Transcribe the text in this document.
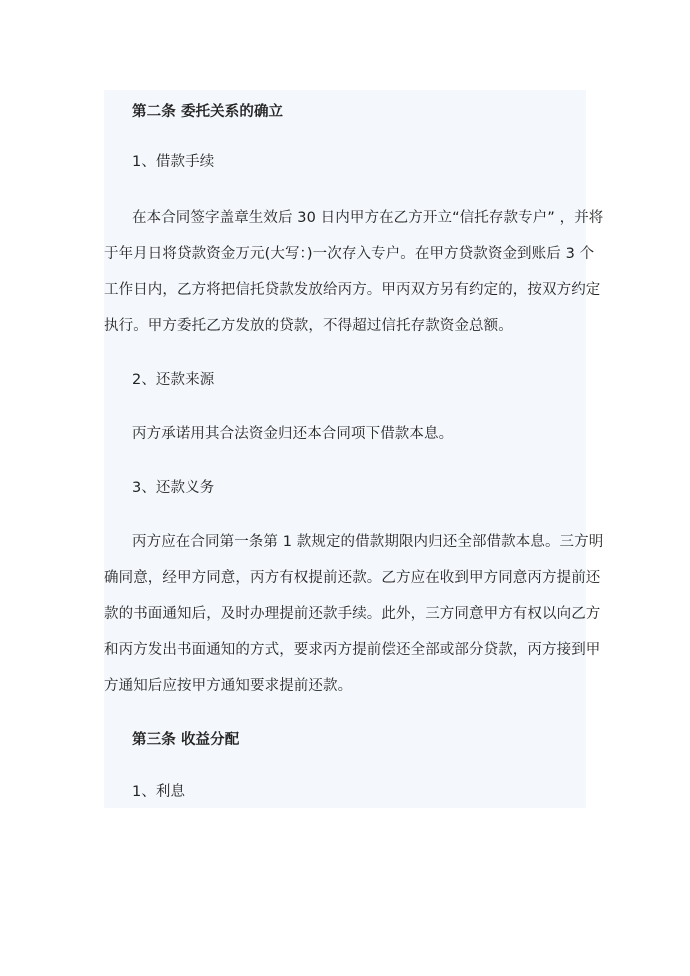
第二条 委托关系的确立
1、借款手续
在本合同签字盖章生效后 30 日内甲方在乙方开立“信托存款专户” ，并将
于年月日将贷款资金万元(大写：)一次存入专户。在甲方贷款资金到账后 3 个
工作日内，乙方将把信托贷款发放给丙方。甲丙双方另有约定的，按双方约定
执行。甲方委托乙方发放的贷款，不得超过信托存款资金总额。
2、还款来源
丙方承诺用其合法资金归还本合同项下借款本息。
3、还款义务
丙方应在合同第一条第 1 款规定的借款期限内归还全部借款本息。三方明
确同意，经甲方同意，丙方有权提前还款。乙方应在收到甲方同意丙方提前还
款的书面通知后，及时办理提前还款手续。此外，三方同意甲方有权以向乙方
和丙方发出书面通知的方式，要求丙方提前偿还全部或部分贷款，丙方接到甲
方通知后应按甲方通知要求提前还款。
第三条 收益分配
1、利息
